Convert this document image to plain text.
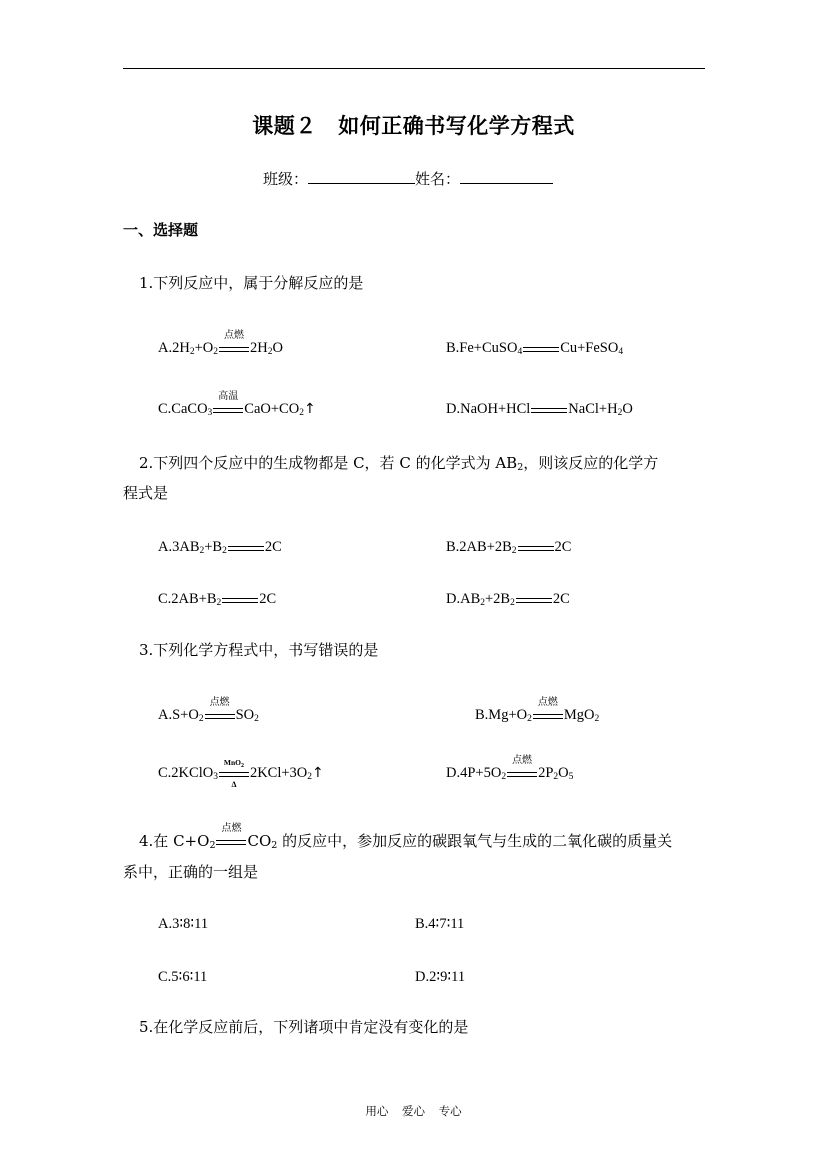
课题２　如何正确书写化学方程式
班级：	姓名：
一、选择题
1.下列反应中，属于分解反应的是
$A.2H_2+O_2$
点燃
$2H_2O$	B.Fe+CuSO$_4$	Cu+FeSO$_4$
C.CaCO$_3$
高温
$CaO+CO_2↑$	D.NaOH+HCl	$NaCl+H_2O$
2.下列四个反应中的生成物都是 C，若 C 的化学式为 $AB_2$，则该反应的化学方
程式是
$A.3AB_2+B_2$	2C	$B.2AB+2B_2$	2C
$C.2AB+B_2$	2C	$D.AB_2+2B_2$	2C
3.下列化学方程式中，书写错误的是
$A.S+O_2$
点燃
$SO_2$	$B.Mg+O_2$
点燃
MgO$_2$
C.2KClO$_3$
MnO$_2$
Δ
$2KCl+3O_2↑$	$D.4P+5O_2$
点燃
$2P_2O_5$
4.在 $C+O_2$
点燃
$CO_2$ 的反应中，参加反应的碳跟氧气与生成的二氧化碳的质量关
系中，正确的一组是
A.3∶8∶11	B.4∶7∶11
C.5∶6∶11	D.2∶9∶11
5.在化学反应前后，下列诸项中肯定没有变化的是
用心 爱心 专心
